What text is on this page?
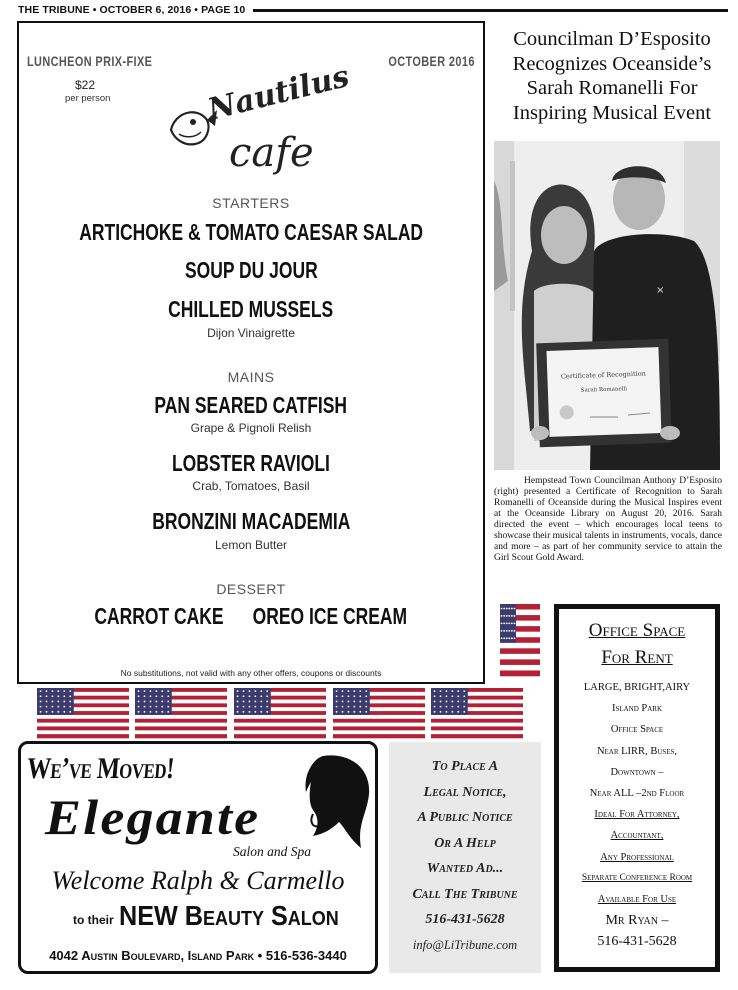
THE TRIBUNE • OCTOBER 6, 2016 • PAGE 10
LUNCHEON PRIX-FIXE	OCTOBER 2016
$22
per person	Nautilus
cafe
STARTERS
ARTICHOKE & TOMATO CAESAR SALAD
SOUP DU JOUR
CHILLED MUSSELS
Dijon Vinaigrette
MAINS
PAN SEARED CATFISH
Grape & Pignoli Relish
LOBSTER RAVIOLI
Crab, Tomatoes, Basil
BRONZINI MACADEMIA
Lemon Butter
DESSERT
CARROT CAKE      OREO ICE CREAM
No substitutions, not valid with any other offers, coupons or discounts
Councilman D’Esposito Recognizes Oceanside’s Sarah Romanelli For Inspiring Musical Event
×
Certificate of Recognition
Sarah Romanelli
Hempstead Town Councilman Anthony D’Esposito (right) presented a Certificate of Recognition to Sarah Romanelli of Oceanside during the Musical Inspires event at the Oceanside Library on August 20, 2016. Sarah directed the event – which encourages local teens to showcase their musical talents in instruments, vocals, dance and more – as part of her community service to attain the Girl Scout Gold Award.
Office Space
For Rent
LARGE, BRIGHT,AIRY
Island Park
Office Space
Near LIRR, Buses,
Downtown –
Near ALL –2nd Floor
Ideal For Attorney,
Accountant,
Any Professional
Separate Conference Room
Available For Use
Mr Ryan –
516-431-5628
We’ve Moved!
Elegante
Salon and Spa
Welcome Ralph & Carmello
to their NEW Beauty Salon
4042 Austin Boulevard, Island Park • 516-536-3440
To Place A
Legal Notice,
A Public Notice
Or A Help
Wanted Ad...
Call The Tribune
516-431-5628
info@LiTribune.com
